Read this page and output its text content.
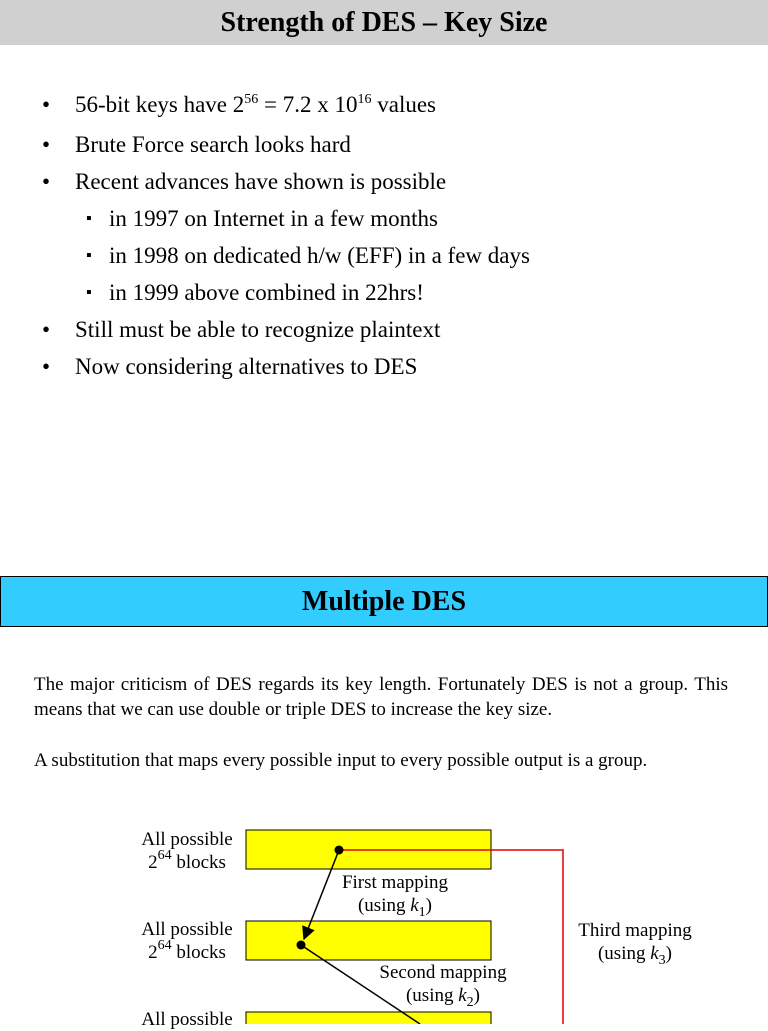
Strength of DES – Key Size
• 56-bit keys have $2^{56} = 7.2$ x $10^{16}$ values
• Brute Force search looks hard
• Recent advances have shown is possible
▪ in 1997 on Internet in a few months
▪ in 1998 on dedicated h/w (EFF) in a few days
▪ in 1999 above combined in 22hrs!
• Still must be able to recognize plaintext
• Now considering alternatives to DES
Multiple DES
The major criticism of DES regards its key length. Fortunately DES is not a group. This means that we can use double or triple DES to increase the key size.
A substitution that maps every possible input to every possible output is a group.
All possible
$2^{64}$ blocks
All possible
$2^{64}$ blocks
All possible
First mapping
(using $k_1$)
Second mapping
(using $k_2$)
Third mapping
(using $k_3$)
